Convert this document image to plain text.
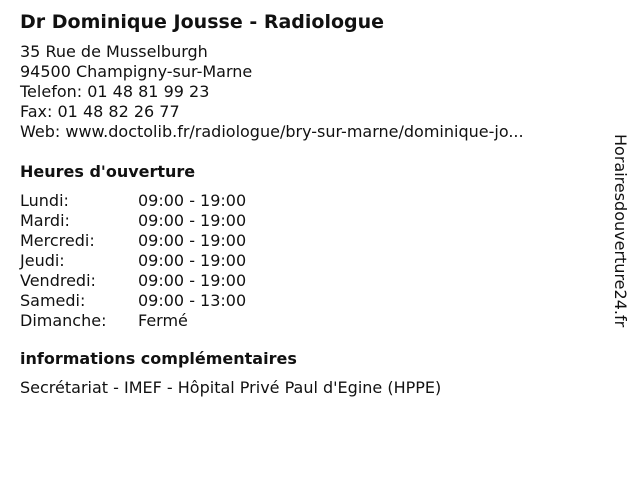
Dr Dominique Jousse - Radiologue
35 Rue de Musselburgh
94500 Champigny-sur-Marne
Telefon: 01 48 81 99 23
Fax: 01 48 82 26 77
Web: www.doctolib.fr/radiologue/bry-sur-marne/dominique-jo...
Heures d'ouverture
Lundi:	09:00 - 19:00
Mardi:	09:00 - 19:00
Mercredi:	09:00 - 19:00
Jeudi:	09:00 - 19:00
Vendredi:	09:00 - 19:00
Samedi:	09:00 - 13:00
Dimanche:	Fermé
informations complémentaires
Secrétariat - IMEF - Hôpital Privé Paul d'Egine (HPPE)
Horairesdouverture24.fr
